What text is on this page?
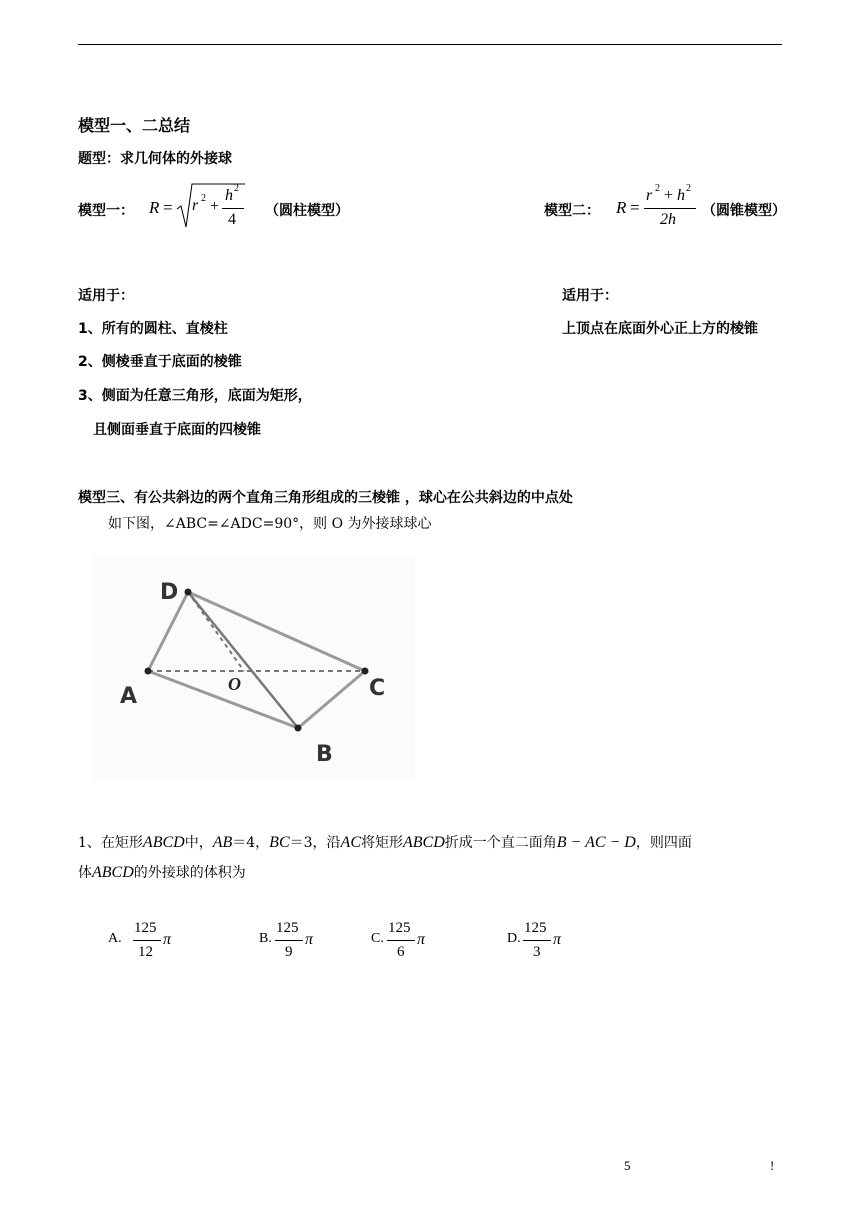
模型一、二总结
题型：求几何体的外接球
模型一： R = r 2 +
h 2
4 （圆柱模型）	模型二： R =
r 2 + h 2
2h （圆锥模型）
适用于：
1、所有的圆柱、直棱柱
2、侧棱垂直于底面的棱锥
3、侧面为任意三角形，底面为矩形，
且侧面垂直于底面的四棱锥
适用于：
上顶点在底面外心正上方的棱锥
模型三、有公共斜边的两个直角三角形组成的三棱锥 ，球心在公共斜边的中点处
如下图，∠ABC=∠ADC=90°，则 O 为外接球球心
D
A	C
B
O
1、在矩形ABCD中，AB＝4，BC＝3，沿AC将矩形ABCD折成一个直二面角B − AC − D，则四面
体ABCD的外接球的体积为
A.
125
12
π	B.
125
9
π	C.
125
6
π	D.
125
3
π
5	!
